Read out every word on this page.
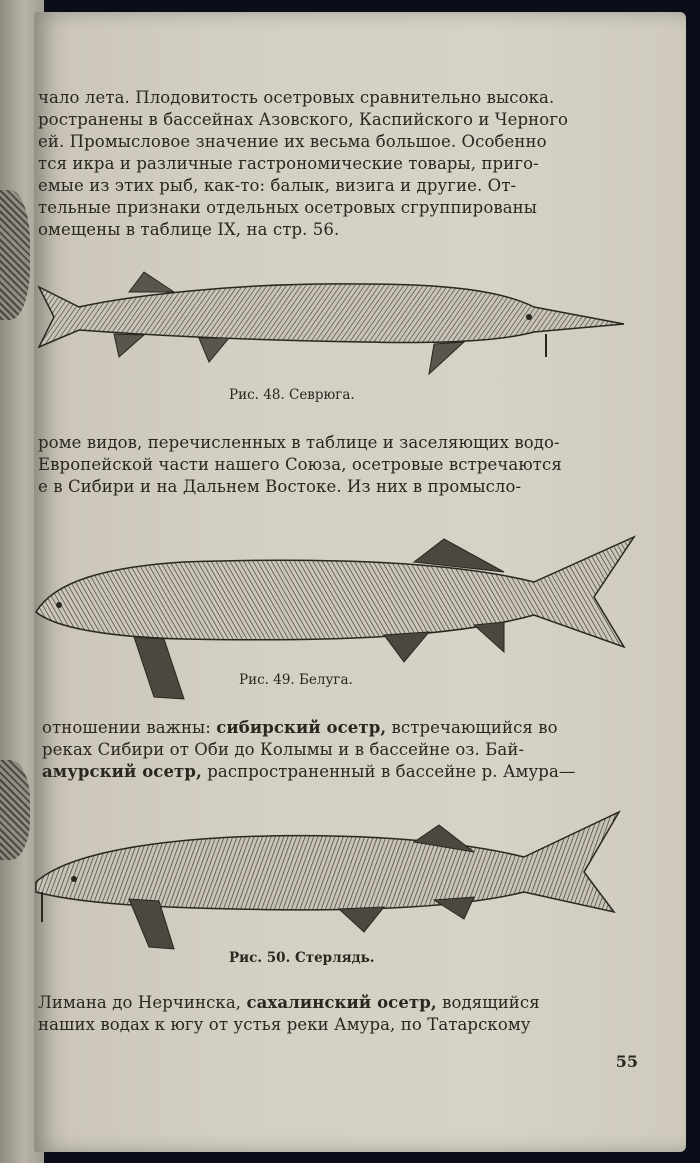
чало лета. Плодовитость осетровых сравнительно высока.
ространены в бассейнах Азовского, Каспийского и Черного
ей. Промысловое значение их весьма большое. Особенно
тся икра и различные гастрономические товары, приго-
емые из этих рыб, как-то: балык, визига и другие. От-
тельные признаки отдельных осетровых сгруппированы
омещены в таблице IX, на стр. 56.
Рис. 48. Севрюга.
роме видов, перечисленных в таблице и заселяющих водо-
Европейской части нашего Союза, осетровые встречаются
е в Сибири и на Дальнем Востоке. Из них в промысло-
Рис. 49. Белуга.
отношении важны: сибирский осетр, встречающийся во
реках Сибири от Оби до Колымы и в бассейне оз. Бай-
амурский осетр, распространенный в бассейне р. Амура—
Рис. 50. Стерлядь.
Лимана до Нерчинска, сахалинский осетр, водящийся
наших водах к югу от устья реки Амура, по Татарскому
55
